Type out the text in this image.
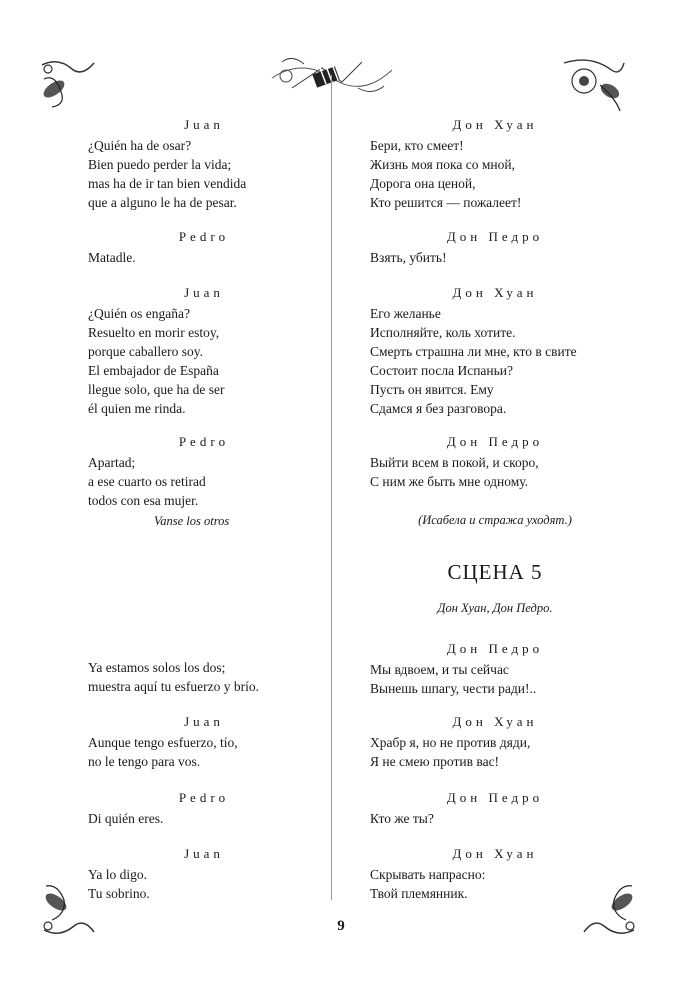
Juan
¿Quién ha de osar?
Bien puedo perder la vida;
mas ha de ir tan bien vendida
que a alguno le ha de pesar.
Pedro
Matadle.
Juan
¿Quién os engaña?
Resuelto en morir estoy,
porque caballero soy.
El embajador de España
llegue solo, que ha de ser
él quien me rinda.
Pedro
Apartad;
a ese cuarto os retirad
todos con esa mujer.
Vanse los otros
Ya estamos solos los dos;
muestra aquí tu esfuerzo y brío.
Juan
Aunque tengo esfuerzo, tío,
no le tengo para vos.
Pedro
Di quién eres.
Juan
Ya lo digo.
Tu sobrino.
Дон Хуан
Бери, кто смеет!
Жизнь моя пока со мной,
Дорога она ценой,
Кто решится — пожалеет!
Дон Педро
Взять, убить!
Дон Хуан
Его желанье
Исполняйте, коль хотите.
Смерть страшна ли мне, кто в свите
Состоит посла Испаньи?
Пусть он явится. Ему
Сдамся я без разговора.
Дон Педро
Выйти всем в покой, и скоро,
С ним же быть мне одному.
(Исабела и стража уходят.)
СЦЕНА 5
Дон Хуан, Дон Педро.
Дон Педро
Мы вдвоем, и ты сейчас
Вынешь шпагу, чести ради!..
Дон Хуан
Храбр я, но не против дяди,
Я не смею против вас!
Дон Педро
Кто же ты?
Дон Хуан
Скрывать напрасно:
Твой племянник.
9
